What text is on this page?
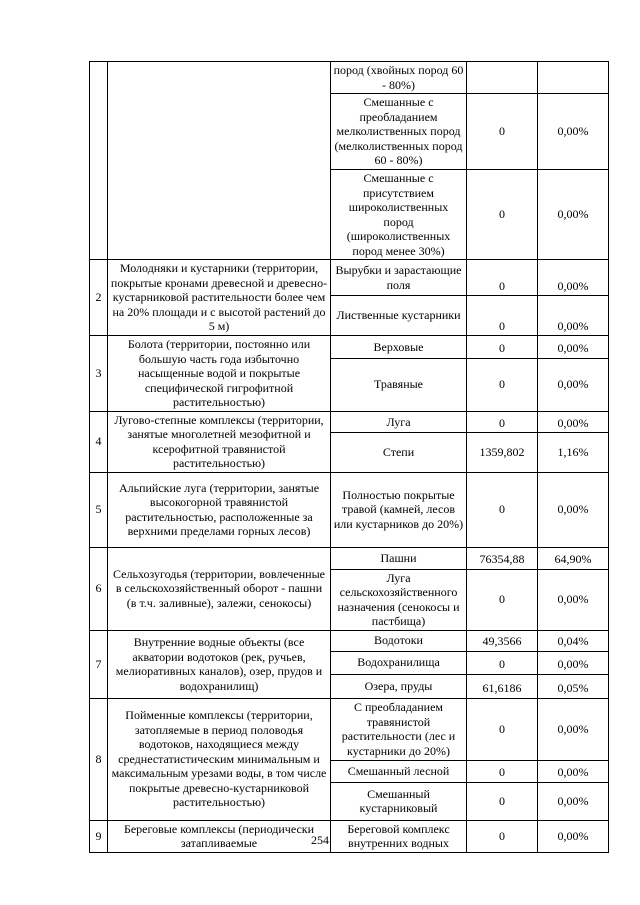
		пород (хвойных пород 60 - 80%)		
		Смешанные с преобладанием мелколиственных пород (мелколиственных пород 60 - 80%)	0	0,00%
		Смешанные с присутствием широколиственных пород (широколиственных пород менее 30%)	0	0,00%
2	Молодняки и кустарники (территории, покрытые кронами древесной и древесно-кустарниковой растительности более чем на 20% площади и с высотой растений до 5 м)	Вырубки и зарастающие поля	0	0,00%
		Лиственные кустарники	0	0,00%
3	Болота (территории, постоянно или большую часть года избыточно насыщенные водой и покрытые специфической гигрофитной растительностью)	Верховые	0	0,00%
		Травяные	0	0,00%
4	Лугово-степные комплексы (территории, занятые многолетней мезофитной и ксерофитной травянистой растительностью)	Луга	0	0,00%
		Степи	1359,802	1,16%
5	Альпийские луга (территории, занятые высокогорной травянистой растительностью, расположенные за верхними пределами горных лесов)	Полностью покрытые травой (камней, лесов или кустарников до 20%)	0	0,00%
6	Сельхозугодья (территории, вовлеченные в сельскохозяйственный оборот - пашни (в т.ч. заливные), залежи, сенокосы)	Пашни	76354,88	64,90%
		Луга сельскохозяйственного назначения (сенокосы и пастбища)	0	0,00%
7	Внутренние водные объекты (все акватории водотоков (рек, ручьев, мелиоративных каналов), озер, прудов и водохранилищ)	Водотоки	49,3566	0,04%
		Водохранилища	0	0,00%
		Озера, пруды	61,6186	0,05%
8	Пойменные комплексы (территории, затопляемые в период половодья водотоков, находящиеся между среднестатистическим минимальным и максимальным урезами воды, в том числе покрытые древесно-кустарниковой растительностью)	С преобладанием травянистой растительности (лес и кустарники до 20%)	0	0,00%
		Смешанный лесной	0	0,00%
		Смешанный кустарниковый	0	0,00%
9	Береговые комплексы (периодически затапливаемые	Береговой комплекс внутренних водных	0	0,00%
254
